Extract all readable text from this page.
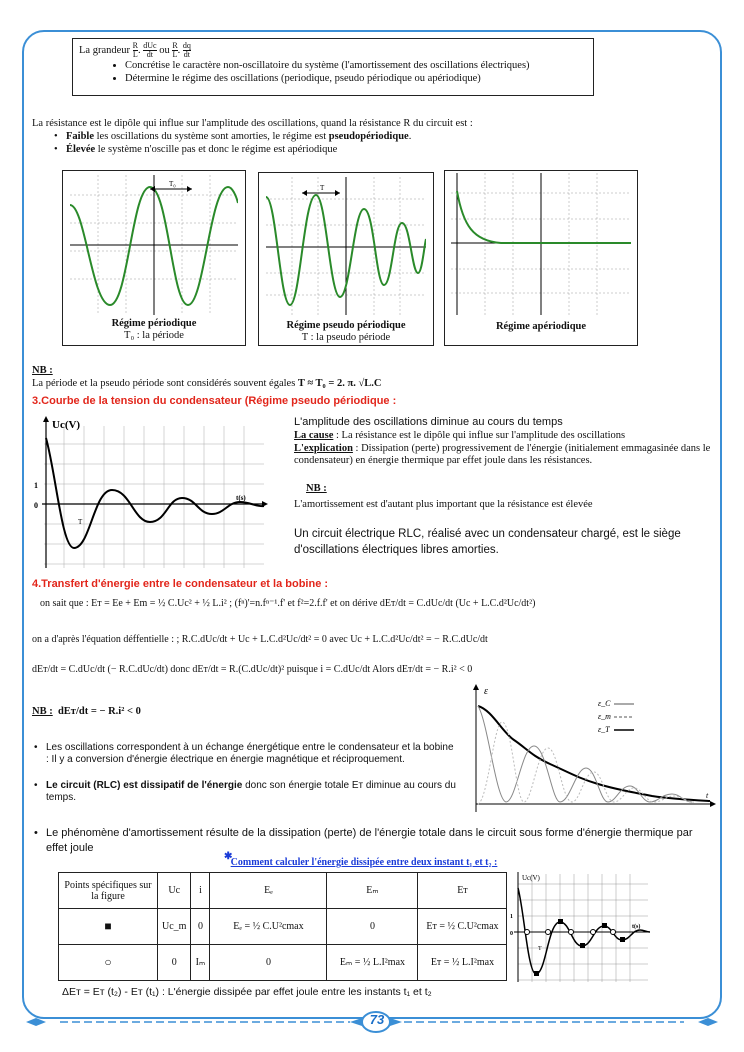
La grandeur $\frac{R}{L}$ . $\frac{\text{dUc}}{dt}$ ou $\frac{R}{L}$ . $\frac{dq}{dt}$
• Concrétise le caractère non-oscillatoire du système (l'amortissement des oscillations électriques)
• Détermine le régime des oscillations (periodique, pseudo périodique ou apériodique)
La résistance est le dipôle qui influe sur l'amplitude des oscillations, quand la résistance R du circuit est :
• Faible les oscillations du système sont amorties, le régime est pseudopériodique.
• Élevée le système n'oscille pas et donc le régime est apériodique
T₀
Régime périodique
T₀ : la période
T
Régime pseudo périodique
T : la pseudo période
Régime apériodique
NB :
La période et la pseudo période sont considérés souvent égales T ≈ T₀ = 2. π. √L.C
3.Courbe de la tension du condensateur (Régime pseudo périodique :
Uc(V)
t(s)
1
0
T
L'amplitude des oscillations diminue au cours du temps
La cause : La résistance est le dipôle qui influe sur l'amplitude des oscillations
L'explication : Dissipation (perte) progressivement de l'énergie (initialement emmagasinée dans le condensateur) en énergie thermique par effet joule dans les résistances.
NB :
L'amortissement est d'autant plus important que la résistance est élevée
Un circuit électrique RLC, réalisé avec un condensateur chargé, est le siège d'oscillations électriques libres amorties.
4.Transfert d'énergie entre le condensateur et la bobine :
on sait que : Eᴛ = Ee + Em = ½ C.Uc² + ½ L.i² ; (fⁿ)'=n.fⁿ⁻¹.f' et f²=2.f.f' et on dérive dEᴛ/dt = C.dUc/dt (Uc + L.C.d²Uc/dt²)
on a d'après l'équation déffentielle : ; R.C.dUc/dt + Uc + L.C.d²Uc/dt² = 0 avec Uc + L.C.d²Uc/dt² = − R.C.dUc/dt
dEᴛ/dt = C.dUc/dt (− R.C.dUc/dt) donc dEᴛ/dt = R.(C.dUc/dt)² puisque i = C.dUc/dt Alors dEᴛ/dt = − R.i² < 0
NB : dEᴛ/dt = − R.i² < 0
• Les oscillations correspondent à un échange énergétique entre le condensateur et la bobine : Il y a conversion d'énergie électrique en énergie magnétique et réciproquement.
• Le circuit (RLC) est dissipatif de l'énergie donc son énergie totale Eᴛ diminue au cours du temps.
ε
t
ε_C
ε_m
ε_T
• Le phénomène d'amortissement résulte de la dissipation (perte) de l'énergie totale dans le circuit sous forme d'énergie thermique par effet joule
Comment calculer l'énergie dissipée entre deux instant t₁ et t₂ :
✱
Points spécifiques sur la figure	Uc	i	Eₑ	Eₘ	Eᴛ
■	Uc_m	0	Eₑ = ½ C.U²cmax	0	Eᴛ = ½ C.U²cmax
○	0	Iₘ	0	Eₘ = ½ L.I²max	Eᴛ = ½ L.I²max
Uc(V)
t(s)
1
0
T
ΔEᴛ = Eᴛ (t₂) - Eᴛ (t₁) : L'énergie dissipée par effet joule entre les instants t₁ et t₂
73
